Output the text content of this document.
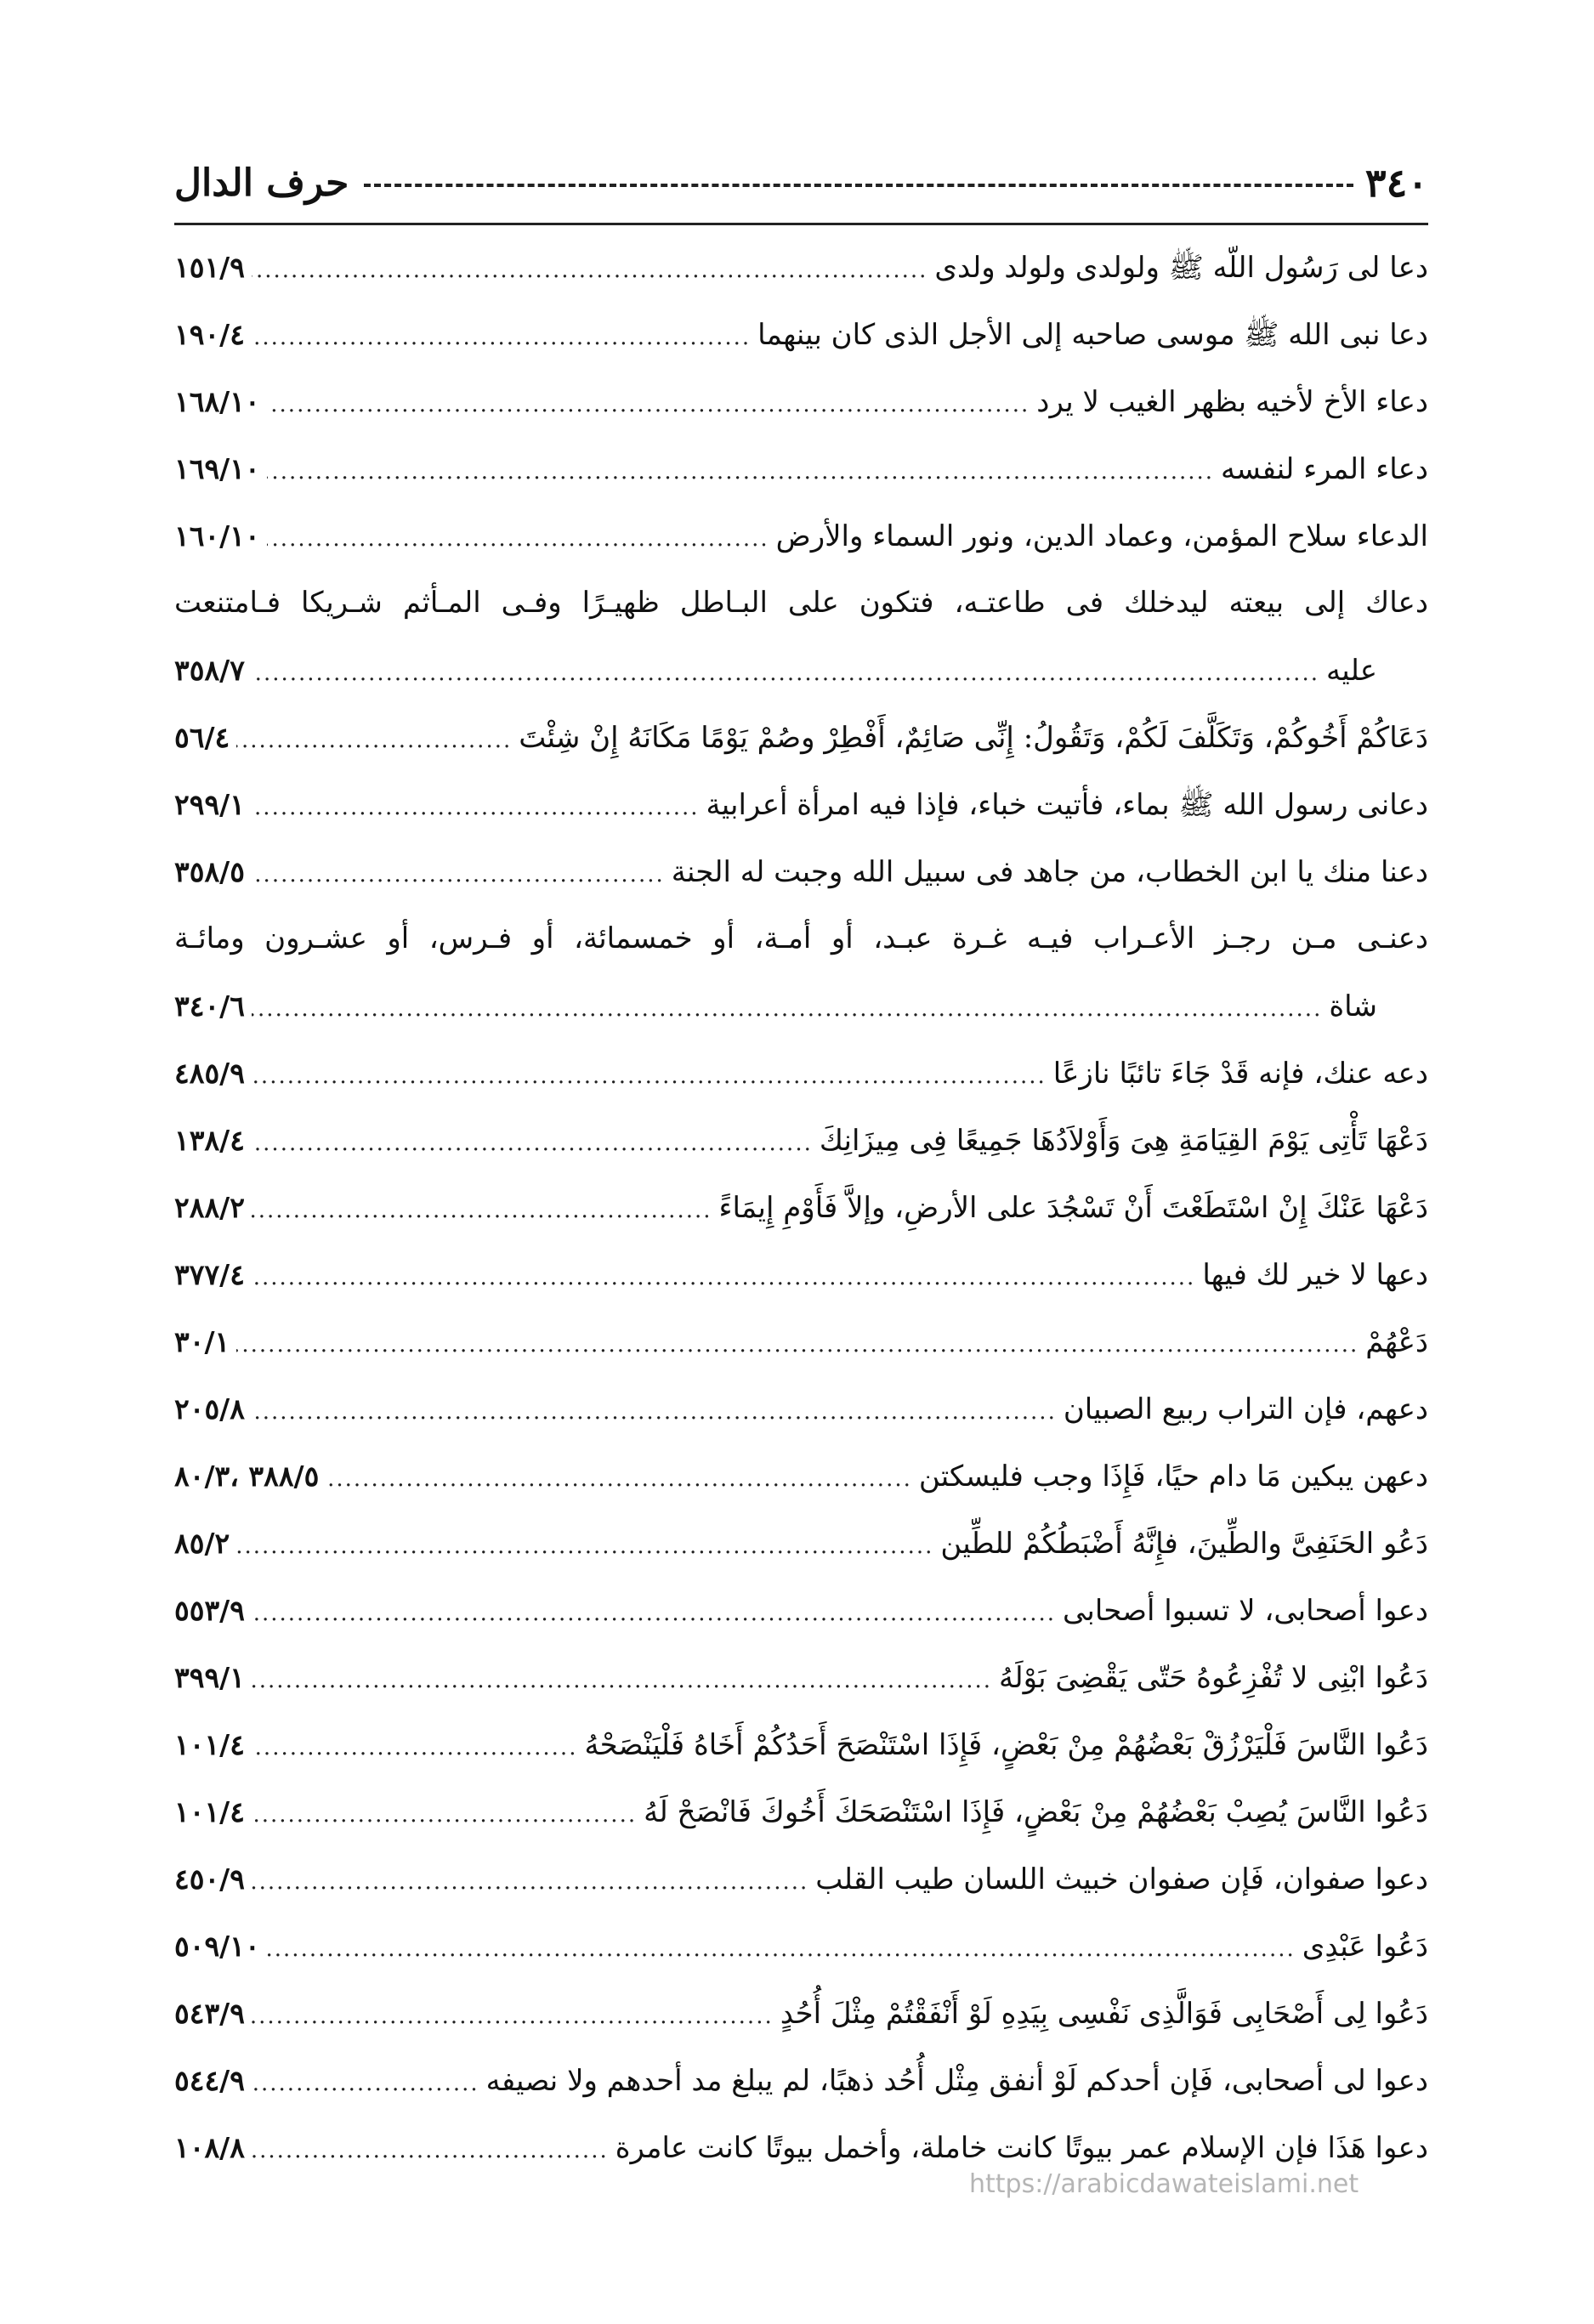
٣٤٠
حرف الدال
دعا لى رَسُول اللّه ﷺ ولولدى ولولد ولدى
.....
١٥١/٩
دعا نبى الله ﷺ موسى صاحبه إلى الأجل الذى كان بينهما
.....
١٩٠/٤
دعاء الأخ لأخيه بظهر الغيب لا يرد
.....
١٦٨/١٠
دعاء المرء لنفسه
.....
١٦٩/١٠
الدعاء سلاح المؤمن، وعماد الدين، ونور السماء والأرض
.....
١٦٠/١٠
دعاك إلى بيعته ليدخلك فى طاعتـه، فتكون على البـاطل ظهيـرًا وفـى المـأثم شـريكا فـامتنعت
عليه
.....
٣٥٨/٧
دَعَاكُمْ أَخُوكُمْ، وَتَكَلَّفَ لَكُمْ، وَتَقُولُ: إِنِّى صَائِمٌ، أَفْطِرْ وصُمْ يَوْمًا مَكَانَهُ إِنْ شِئْتَ
.....
٥٦/٤
دعانى رسول الله ﷺ بماء، فأتيت خباء، فإذا فيه امرأة أعرابية
.....
٢٩٩/١
دعنا منك يا ابن الخطاب، من جاهد فى سبيل الله وجبت له الجنة
.....
٣٥٨/٥
دعنـى مـن رجـز الأعـراب فيـه غـرة عبـد، أو أمـة، أو خمسمائة، أو فـرس، أو عشـرون ومائـة
شاة
.....
٣٤٠/٦
دعه عنك، فإنه قَدْ جَاءَ تائبًا نازعًا
.....
٤٨٥/٩
دَعْهَا تَأْتِى يَوْمَ القِيَامَةِ هِىَ وَأَوْلاَدُهَا جَمِيعًا فِى مِيزَانِكَ
.....
١٣٨/٤
دَعْهَا عَنْكَ إِنْ اسْتَطَعْتَ أَنْ تَسْجُدَ على الأرضِ، وإلاَّ فَأَوْمِ إِيمَاءً
.....
٢٨٨/٢
دعها لا خير لك فيها
.....
٣٧٧/٤
دَعْهُمْ
.....
٣٠/١
دعهم، فإن التراب ربيع الصبيان
.....
٢٠٥/٨
دعهن يبكين مَا دام حيًا، فَإِذَا وجب فليسكتن
.....
٣٨٨/٥ ،٨٠/٣
دَعُو الحَنَفِىَّ والطِّينَ، فإِنَّهُ أَضْبَطُكُمْ للطِّين
.....
٨٥/٢
دعوا أصحابى، لا تسبوا أصحابى
.....
٥٥٣/٩
دَعُوا ابْنِى لا تُفْزِعُوهُ حَتّى يَقْضِىَ بَوْلَهُ
.....
٣٩٩/١
دَعُوا النَّاسَ فَلْيَرْزُقْ بَعْضُهُمْ مِنْ بَعْضٍ، فَإِذَا اسْتَنْصَحَ أَحَدُكُمْ أَخَاهُ فَلْيَنْصَحْهُ
.....
١٠١/٤
دَعُوا النَّاسَ يُصِبْ بَعْضُهُمْ مِنْ بَعْضٍ، فَإِذَا اسْتَنْصَحَكَ أَخُوكَ فَانْصَحْ لَهُ
.....
١٠١/٤
دعوا صفوان، فَإن صفوان خبيث اللسان طيب القلب
.....
٤٥٠/٩
دَعُوا عَبْدِى
.....
٥٠٩/١٠
دَعُوا لِى أَصْحَابِى فَوَالَّذِى نَفْسِى بِيَدِهِ لَوْ أَنْفَقْتُمْ مِثْلَ أُحُدٍ
.....
٥٤٣/٩
دعوا لى أصحابى، فَإن أحدكم لَوْ أنفق مِثْل أُحُد ذهبًا، لم يبلغ مد أحدهم ولا نصيفه
.....
٥٤٤/٩
دعوا هَذَا فإن الإسلام عمر بيوتًا كانت خاملة، وأخمل بيوتًا كانت عامرة
.....
١٠٨/٨
https://arabicdawateislami.net
